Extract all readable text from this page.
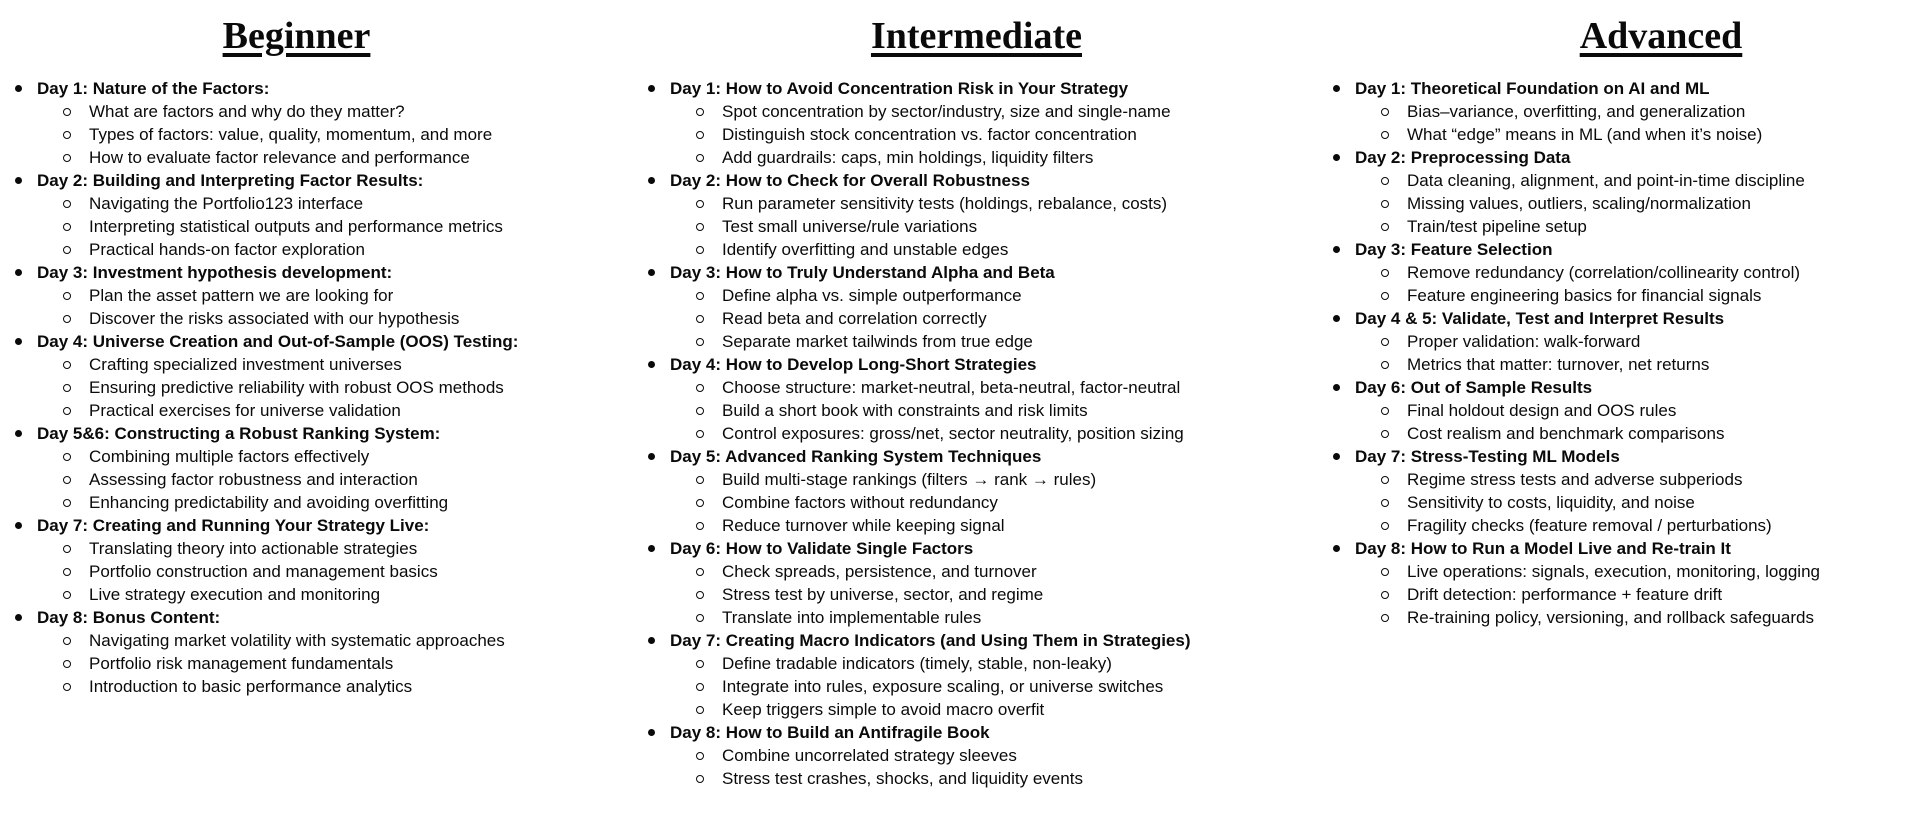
Beginner
Day 1: Nature of the Factors:
What are factors and why do they matter?
Types of factors: value, quality, momentum, and more
How to evaluate factor relevance and performance
Day 2: Building and Interpreting Factor Results:
Navigating the Portfolio123 interface
Interpreting statistical outputs and performance metrics
Practical hands-on factor exploration
Day 3: Investment hypothesis development:
Plan the asset pattern we are looking for
Discover the risks associated with our hypothesis
Day 4: Universe Creation and Out-of-Sample (OOS) Testing:
Crafting specialized investment universes
Ensuring predictive reliability with robust OOS methods
Practical exercises for universe validation
Day 5&6: Constructing a Robust Ranking System:
Combining multiple factors effectively
Assessing factor robustness and interaction
Enhancing predictability and avoiding overfitting
Day 7: Creating and Running Your Strategy Live:
Translating theory into actionable strategies
Portfolio construction and management basics
Live strategy execution and monitoring
Day 8: Bonus Content:
Navigating market volatility with systematic approaches
Portfolio risk management fundamentals
Introduction to basic performance analytics
Intermediate
Day 1: How to Avoid Concentration Risk in Your Strategy
Spot concentration by sector/industry, size and single-name
Distinguish stock concentration vs. factor concentration
Add guardrails: caps, min holdings, liquidity filters
Day 2: How to Check for Overall Robustness
Run parameter sensitivity tests (holdings, rebalance, costs)
Test small universe/rule variations
Identify overfitting and unstable edges
Day 3: How to Truly Understand Alpha and Beta
Define alpha vs. simple outperformance
Read beta and correlation correctly
Separate market tailwinds from true edge
Day 4: How to Develop Long-Short Strategies
Choose structure: market-neutral, beta-neutral, factor-neutral
Build a short book with constraints and risk limits
Control exposures: gross/net, sector neutrality, position sizing
Day 5: Advanced Ranking System Techniques
Build multi-stage rankings (filters → rank → rules)
Combine factors without redundancy
Reduce turnover while keeping signal
Day 6: How to Validate Single Factors
Check spreads, persistence, and turnover
Stress test by universe, sector, and regime
Translate into implementable rules
Day 7: Creating Macro Indicators (and Using Them in Strategies)
Define tradable indicators (timely, stable, non-leaky)
Integrate into rules, exposure scaling, or universe switches
Keep triggers simple to avoid macro overfit
Day 8: How to Build an Antifragile Book
Combine uncorrelated strategy sleeves
Stress test crashes, shocks, and liquidity events
Advanced
Day 1: Theoretical Foundation on AI and ML
Bias–variance, overfitting, and generalization
What “edge” means in ML (and when it’s noise)
Day 2: Preprocessing Data
Data cleaning, alignment, and point-in-time discipline
Missing values, outliers, scaling/normalization
Train/test pipeline setup
Day 3: Feature Selection
Remove redundancy (correlation/collinearity control)
Feature engineering basics for financial signals
Day 4 & 5: Validate, Test and Interpret Results
Proper validation: walk-forward
Metrics that matter: turnover, net returns
Day 6: Out of Sample Results
Final holdout design and OOS rules
Cost realism and benchmark comparisons
Day 7: Stress-Testing ML Models
Regime stress tests and adverse subperiods
Sensitivity to costs, liquidity, and noise
Fragility checks (feature removal / perturbations)
Day 8: How to Run a Model Live and Re-train It
Live operations: signals, execution, monitoring, logging
Drift detection: performance + feature drift
Re-training policy, versioning, and rollback safeguards
